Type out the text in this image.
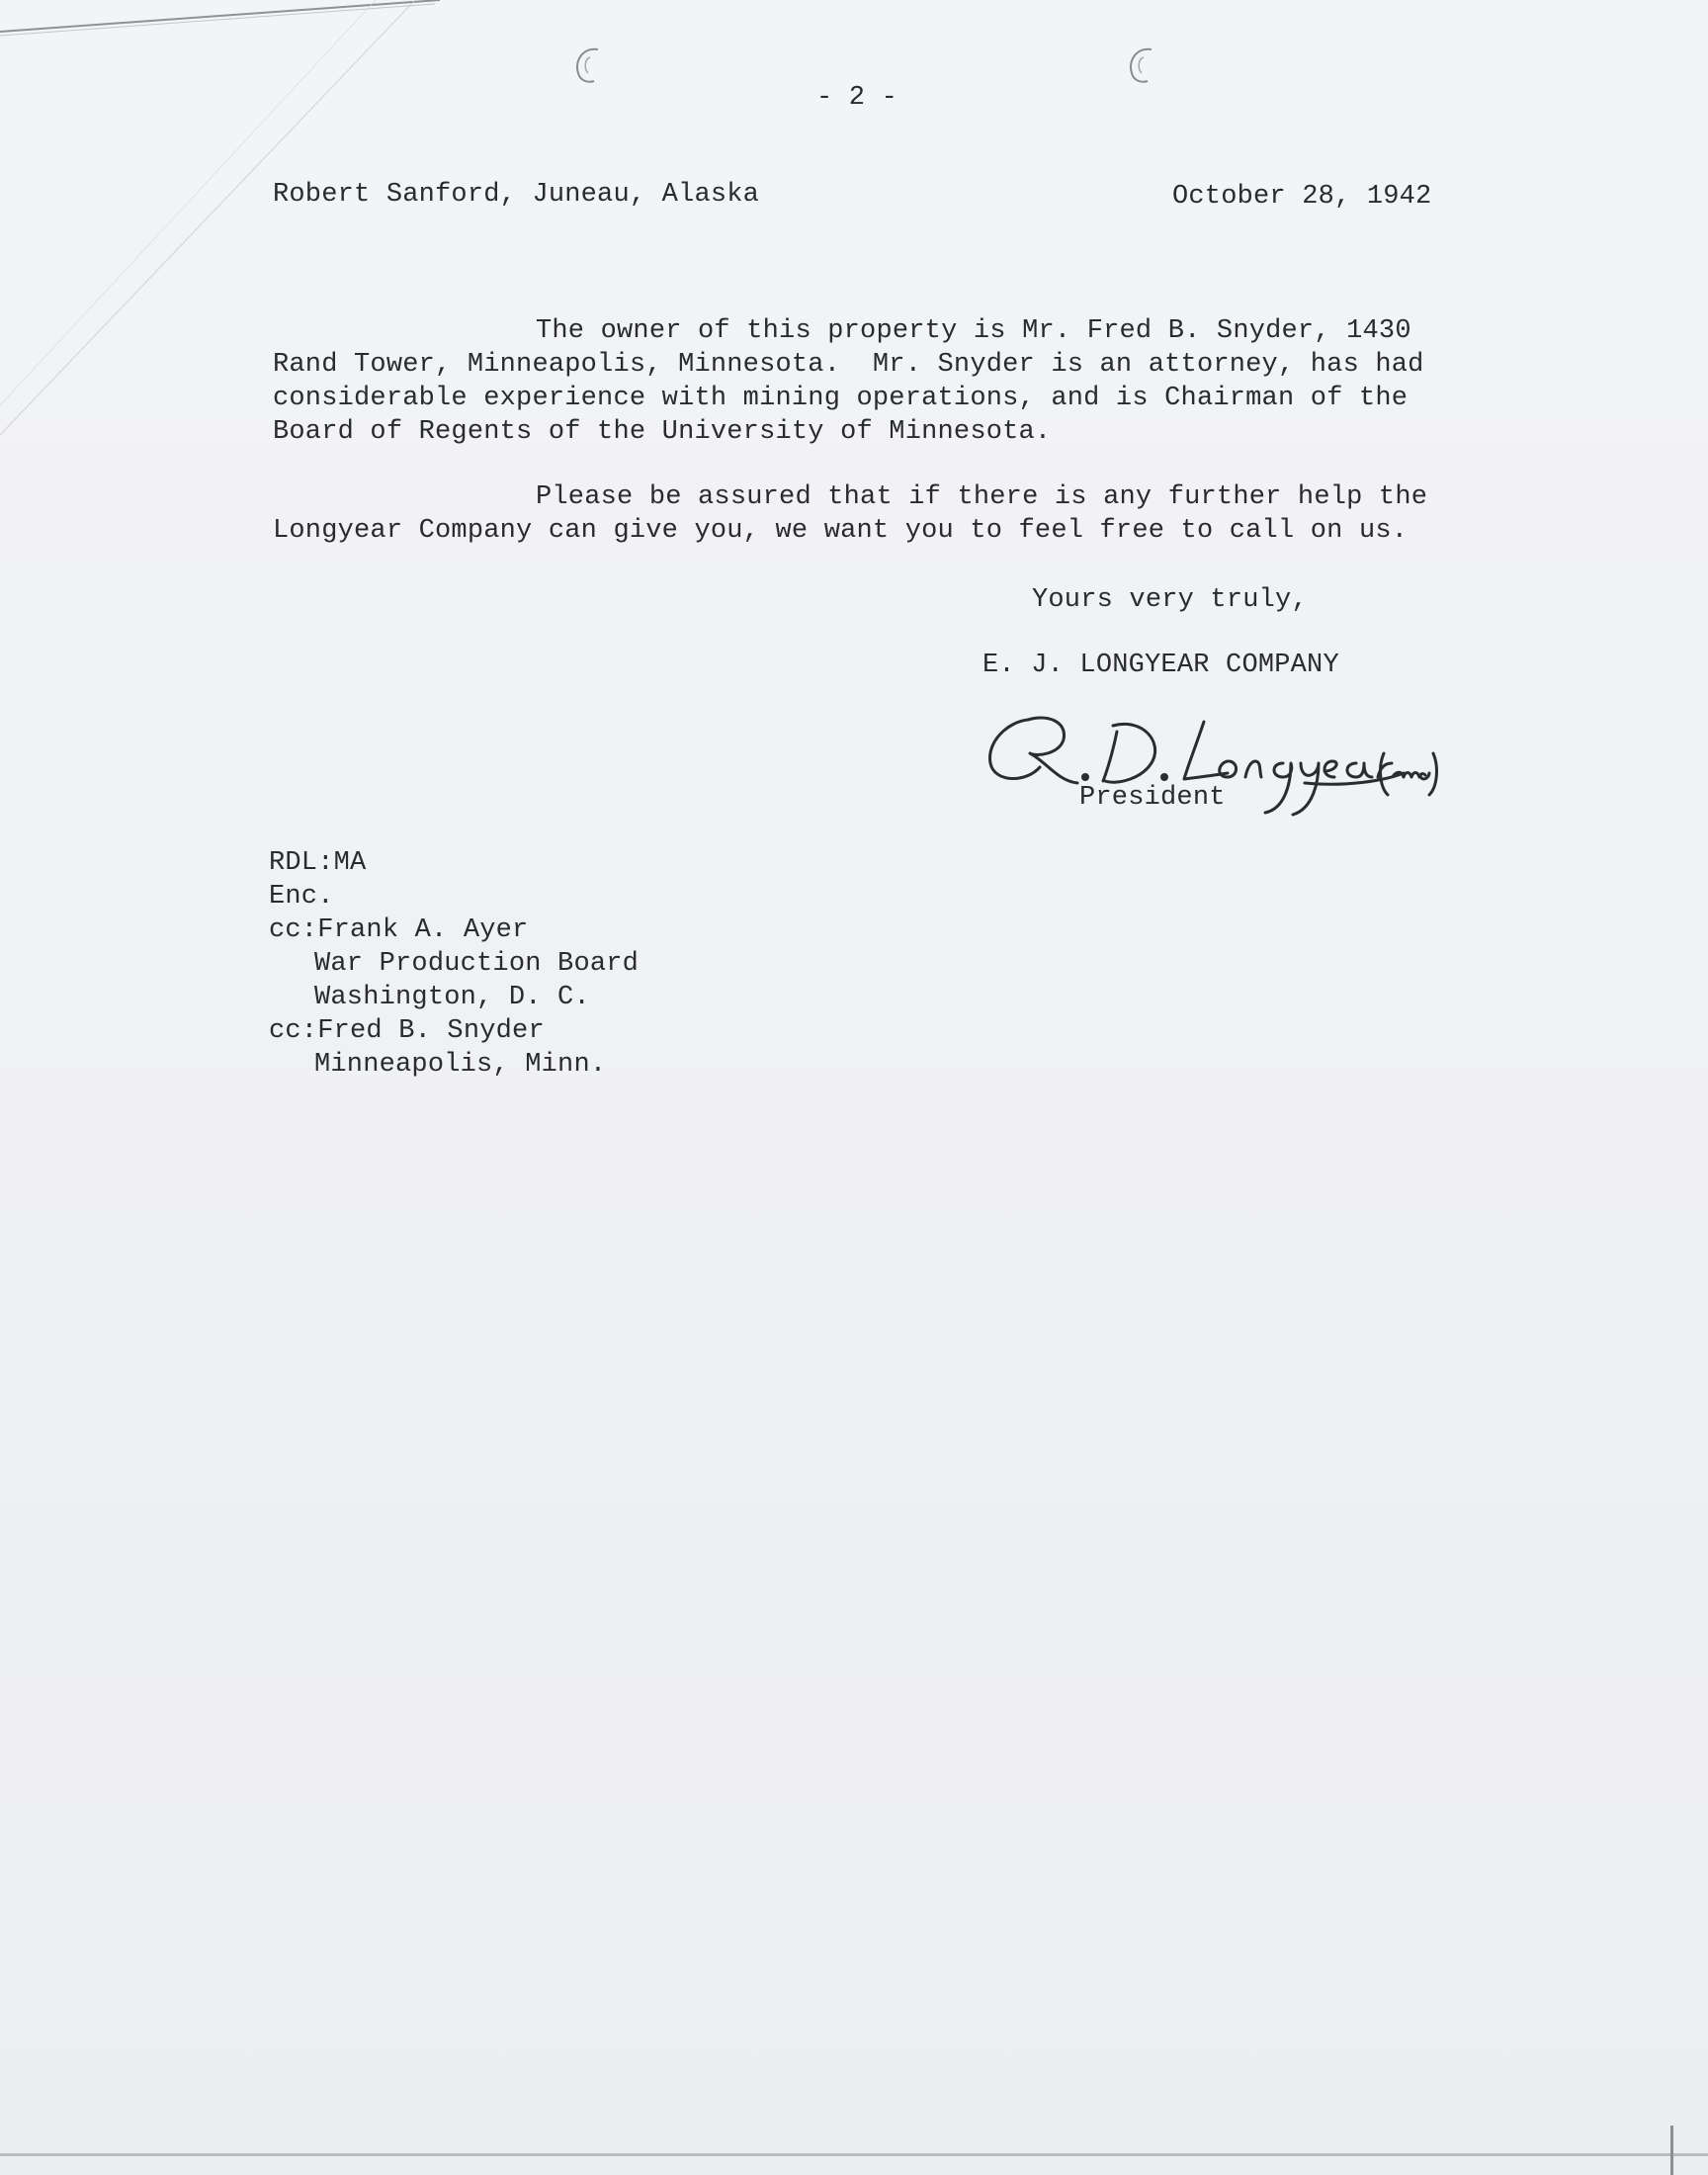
- 2 -
Robert Sanford, Juneau, Alaska	October 28, 1942
The owner of this property is Mr. Fred B. Snyder, 1430
Rand Tower, Minneapolis, Minnesota.  Mr. Snyder is an attorney, has had
considerable experience with mining operations, and is Chairman of the
Board of Regents of the University of Minnesota.
Please be assured that if there is any further help the
Longyear Company can give you, we want you to feel free to call on us.
Yours very truly,
E. J. LONGYEAR COMPANY
President
RDL:MA
Enc.
cc:Frank A. Ayer
War Production Board
Washington, D. C.
cc:Fred B. Snyder
Minneapolis, Minn.
